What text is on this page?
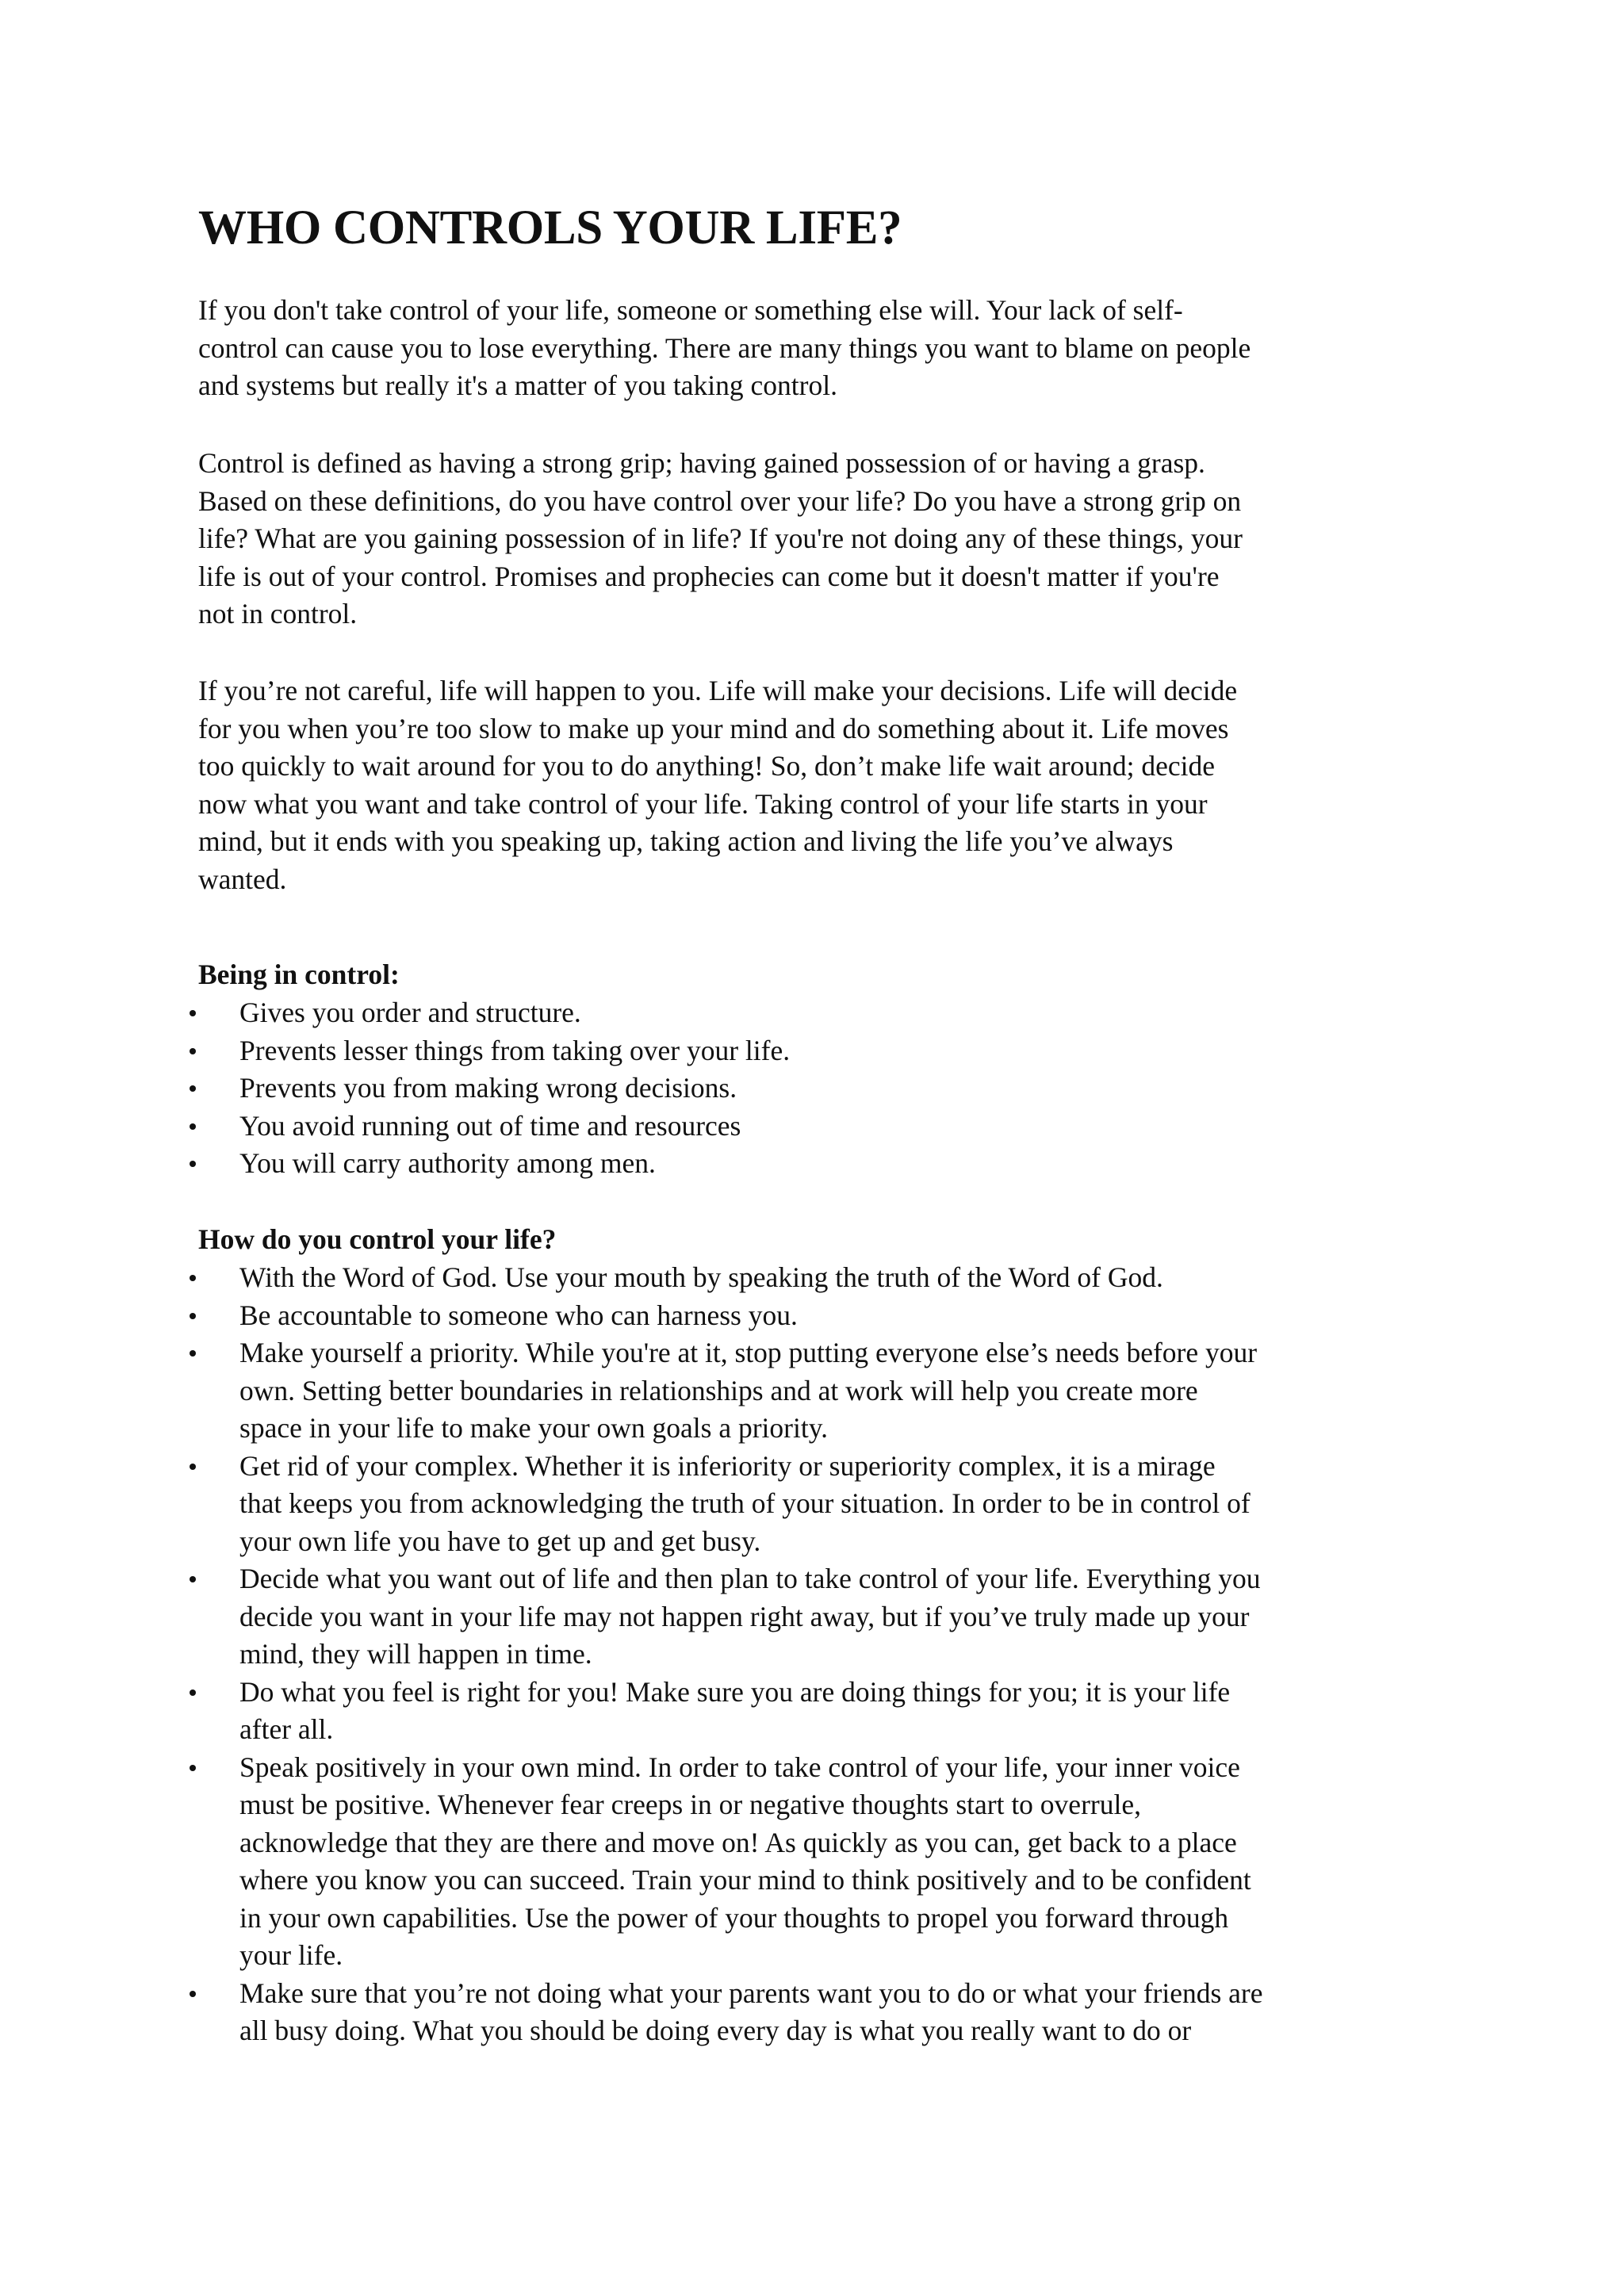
WHO CONTROLS YOUR LIFE?

If you don't take control of your life, someone or something else will. Your lack of self-
control can cause you to lose everything. There are many things you want to blame on people
and systems but really it's a matter of you taking control.

Control is defined as having a strong grip; having gained possession of or having a grasp.
Based on these definitions, do you have control over your life? Do you have a strong grip on
life? What are you gaining possession of in life? If you're not doing any of these things, your
life is out of your control. Promises and prophecies can come but it doesn't matter if you're
not in control.

If you’re not careful, life will happen to you. Life will make your decisions. Life will decide
for you when you’re too slow to make up your mind and do something about it. Life moves
too quickly to wait around for you to do anything! So, don’t make life wait around; decide
now what you want and take control of your life. Taking control of your life starts in your
mind, but it ends with you speaking up, taking action and living the life you’ve always
wanted.

Being in control:
Gives you order and structure.
Prevents lesser things from taking over your life.
Prevents you from making wrong decisions.
You avoid running out of time and resources
You will carry authority among men.
How do you control your life?
With the Word of God. Use your mouth by speaking the truth of the Word of God.
Be accountable to someone who can harness you.
Make yourself a priority. While you're at it, stop putting everyone else’s needs before your
own. Setting better boundaries in relationships and at work will help you create more
space in your life to make your own goals a priority.
Get rid of your complex. Whether it is inferiority or superiority complex, it is a mirage
that keeps you from acknowledging the truth of your situation. In order to be in control of
your own life you have to get up and get busy.
Decide what you want out of life and then plan to take control of your life. Everything you
decide you want in your life may not happen right away, but if you’ve truly made up your
mind, they will happen in time.
Do what you feel is right for you! Make sure you are doing things for you; it is your life
after all.
Speak positively in your own mind. In order to take control of your life, your inner voice
must be positive. Whenever fear creeps in or negative thoughts start to overrule,
acknowledge that they are there and move on! As quickly as you can, get back to a place
where you know you can succeed. Train your mind to think positively and to be confident
in your own capabilities. Use the power of your thoughts to propel you forward through
your life.
Make sure that you’re not doing what your parents want you to do or what your friends are
all busy doing. What you should be doing every day is what you really want to do or
